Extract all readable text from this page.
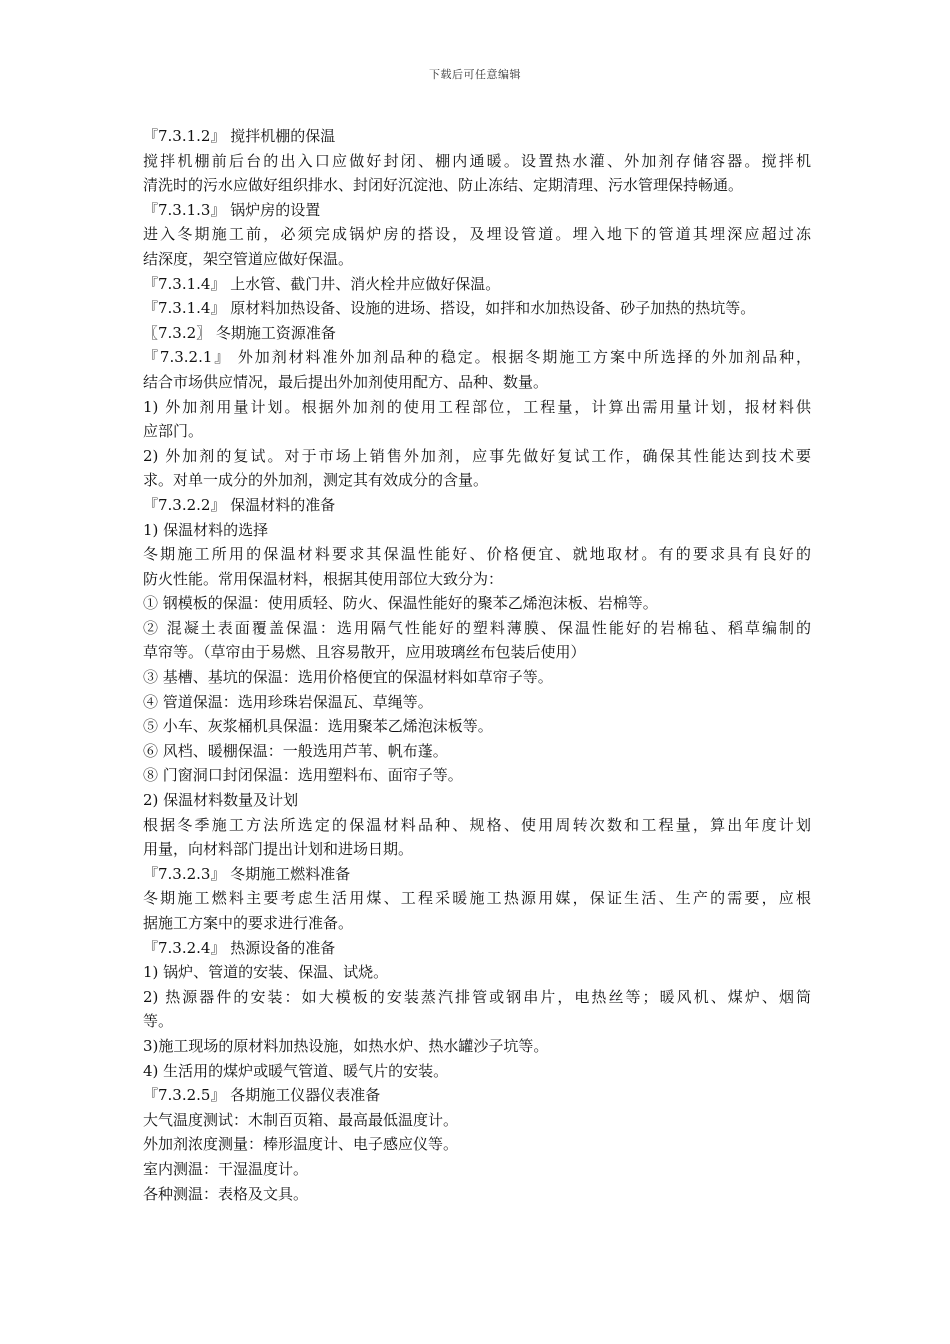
下载后可任意编辑
『7.3.1.2』 搅拌机棚的保温
搅拌机棚前后台的出入口应做好封闭、棚内通暖。设置热水灌、外加剂存储容器。搅拌机
清洗时的污水应做好组织排水、封闭好沉淀池、防止冻结、定期清理、污水管理保持畅通。
『7.3.1.3』 锅炉房的设置
进入冬期施工前，必须完成锅炉房的搭设，及埋设管道。埋入地下的管道其埋深应超过冻
结深度，架空管道应做好保温。
『7.3.1.4』 上水管、截门井、消火栓井应做好保温。
『7.3.1.4』 原材料加热设备、设施的进场、搭设，如拌和水加热设备、砂子加热的热坑等。
〖7.3.2〗 冬期施工资源准备
『7.3.2.1』 外加剂材料准外加剂品种的稳定。根据冬期施工方案中所选择的外加剂品种，
结合市场供应情况，最后提出外加剂使用配方、品种、数量。
1) 外加剂用量计划。根据外加剂的使用工程部位，工程量，计算出需用量计划，报材料供
应部门。
2) 外加剂的复试。对于市场上销售外加剂，应事先做好复试工作，确保其性能达到技术要
求。对单一成分的外加剂，测定其有效成分的含量。
『7.3.2.2』 保温材料的准备
1) 保温材料的选择
冬期施工所用的保温材料要求其保温性能好、价格便宜、就地取材。有的要求具有良好的
防火性能。常用保温材料，根据其使用部位大致分为：
① 钢模板的保温：使用质轻、防火、保温性能好的聚苯乙烯泡沫板、岩棉等。
② 混凝土表面覆盖保温：选用隔气性能好的塑料薄膜、保温性能好的岩棉毡、稻草编制的
草帘等。（草帘由于易燃、且容易散开，应用玻璃丝布包装后使用）
③ 基槽、基坑的保温：选用价格便宜的保温材料如草帘子等。
④ 管道保温：选用珍珠岩保温瓦、草绳等。
⑤ 小车、灰浆桶机具保温：选用聚苯乙烯泡沫板等。
⑥ 风档、暖棚保温：一般选用芦苇、帆布蓬。
⑧ 门窗洞口封闭保温：选用塑料布、面帘子等。
2) 保温材料数量及计划
根据冬季施工方法所选定的保温材料品种、规格、使用周转次数和工程量，算出年度计划
用量，向材料部门提出计划和进场日期。
『7.3.2.3』 冬期施工燃料准备
冬期施工燃料主要考虑生活用煤、工程采暖施工热源用媒，保证生活、生产的需要，应根
据施工方案中的要求进行准备。
『7.3.2.4』 热源设备的准备
1) 锅炉、管道的安装、保温、试烧。
2) 热源器件的安装：如大模板的安装蒸汽排管或钢串片，电热丝等；暖风机、煤炉、烟筒
等。
3)施工现场的原材料加热设施，如热水炉、热水罐沙子坑等。
4) 生活用的煤炉或暖气管道、暖气片的安装。
『7.3.2.5』 各期施工仪器仪表准备
大气温度测试：木制百页箱、最高最低温度计。
外加剂浓度测量：棒形温度计、电子感应仪等。
室内测温：干湿温度计。
各种测温：表格及文具。
